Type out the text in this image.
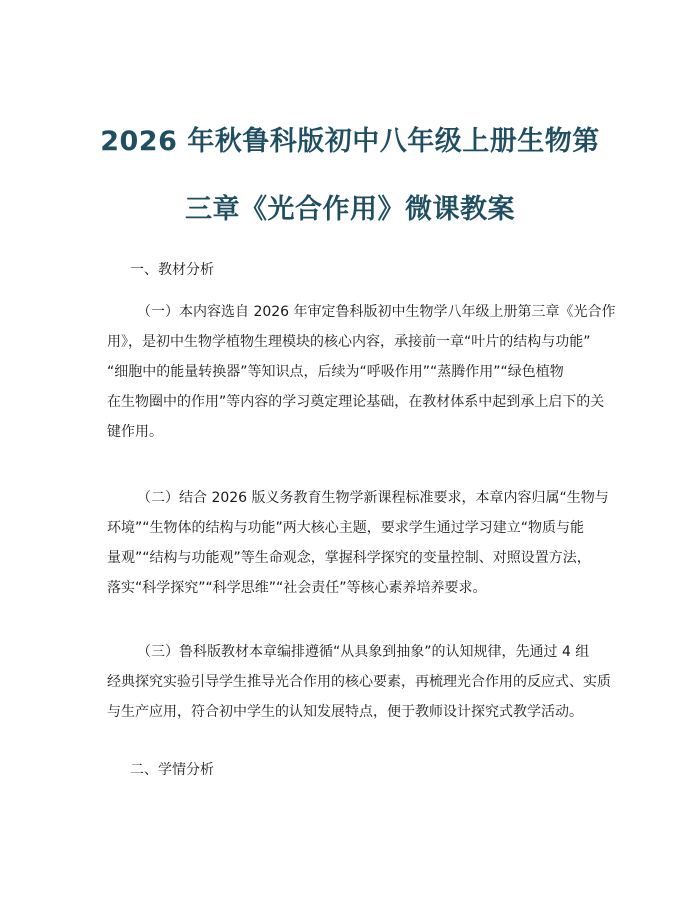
2026 年秋鲁科版初中八年级上册生物第
三章《光合作用》微课教案
一、教材分析

（一）本内容选自 2026 年审定鲁科版初中生物学八年级上册第三章《光合作
用》，是初中生物学植物生理模块的核心内容，承接前一章“叶片的结构与功能”
“细胞中的能量转换器”等知识点，后续为“呼吸作用”“蒸腾作用”“绿色植物
在生物圈中的作用”等内容的学习奠定理论基础，在教材体系中起到承上启下的关
键作用。

（二）结合 2026 版义务教育生物学新课程标准要求，本章内容归属“生物与
环境”“生物体的结构与功能”两大核心主题，要求学生通过学习建立“物质与能
量观”“结构与功能观”等生命观念，掌握科学探究的变量控制、对照设置方法，
落实“科学探究”“科学思维”“社会责任”等核心素养培养要求。

（三）鲁科版教材本章编排遵循“从具象到抽象”的认知规律，先通过 4 组
经典探究实验引导学生推导光合作用的核心要素，再梳理光合作用的反应式、实质
与生产应用，符合初中学生的认知发展特点，便于教师设计探究式教学活动。

二、学情分析
